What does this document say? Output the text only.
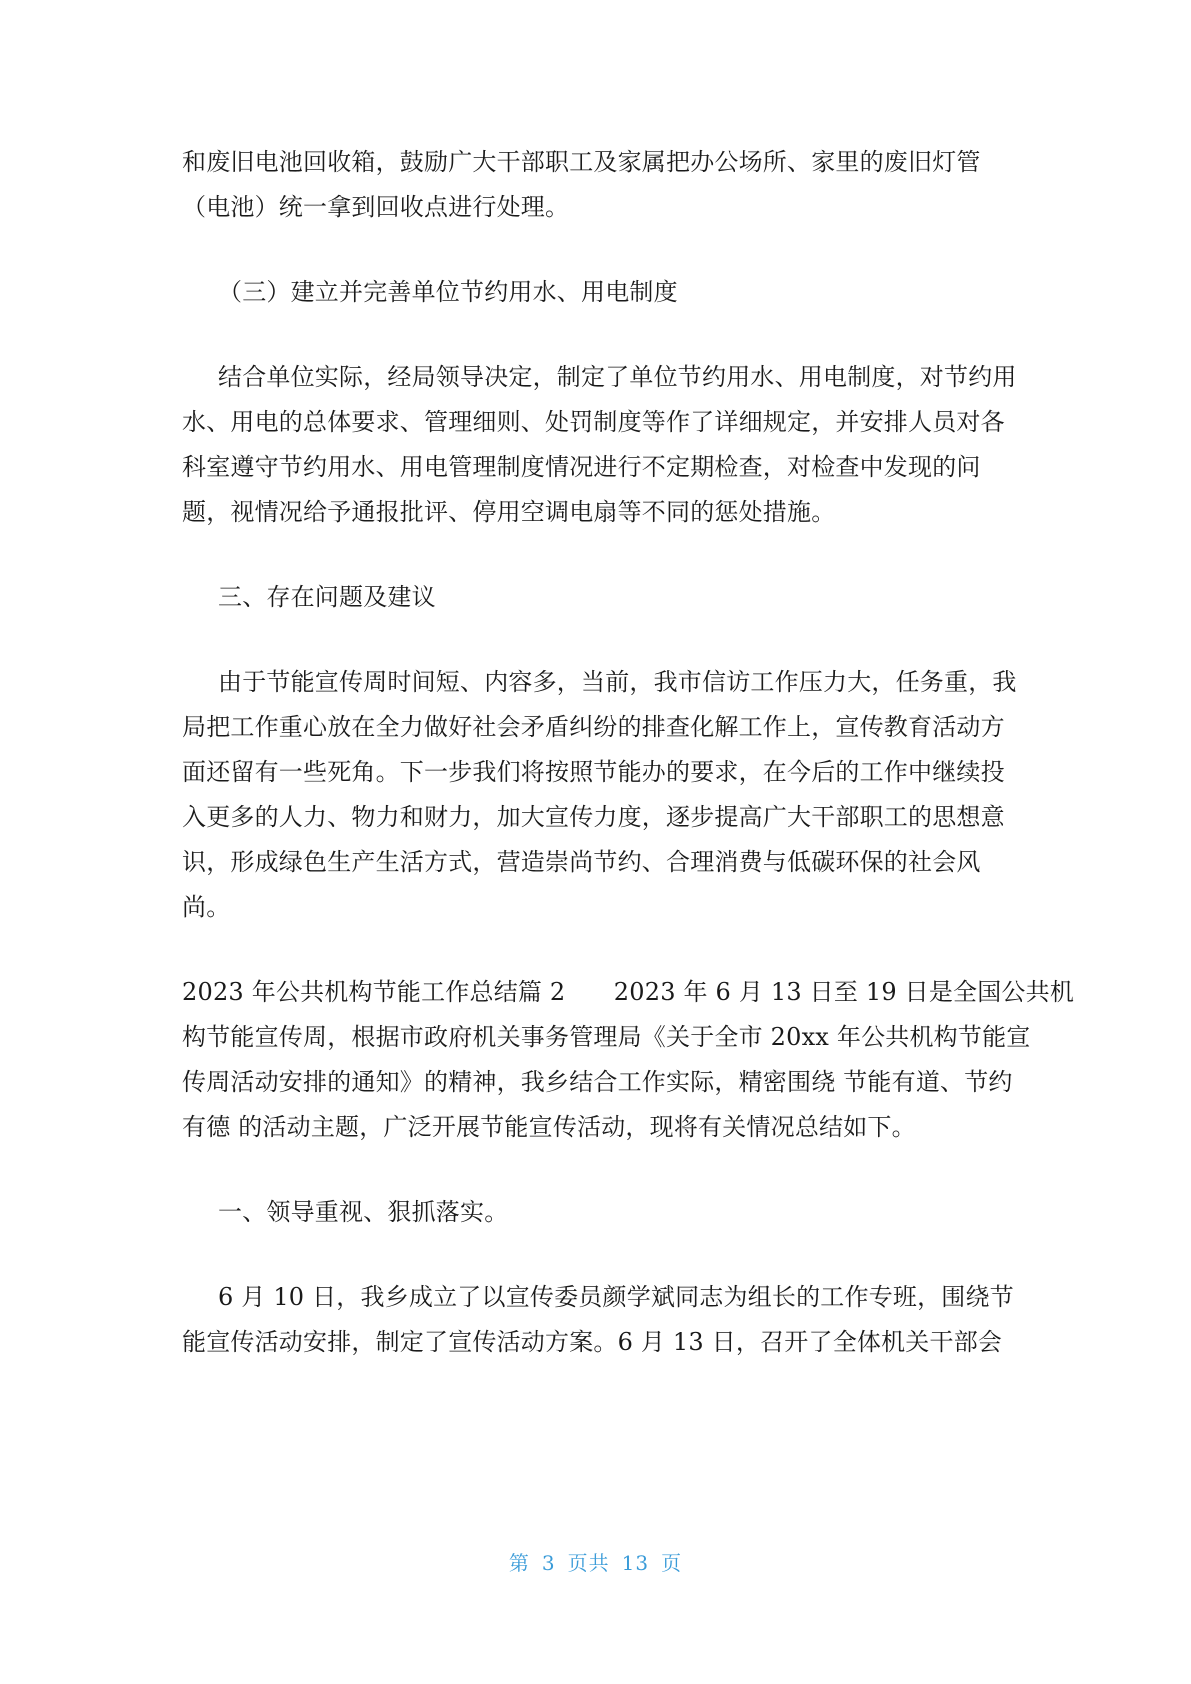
和废旧电池回收箱，鼓励广大干部职工及家属把办公场所、家里的废旧灯管
（电池）统一拿到回收点进行处理。
（三）建立并完善单位节约用水、用电制度
结合单位实际，经局领导决定，制定了单位节约用水、用电制度，对节约用
水、用电的总体要求、管理细则、处罚制度等作了详细规定，并安排人员对各
科室遵守节约用水、用电管理制度情况进行不定期检查，对检查中发现的问
题，视情况给予通报批评、停用空调电扇等不同的惩处措施。
三、存在问题及建议
由于节能宣传周时间短、内容多，当前，我市信访工作压力大，任务重，我
局把工作重心放在全力做好社会矛盾纠纷的排查化解工作上，宣传教育活动方
面还留有一些死角。下一步我们将按照节能办的要求，在今后的工作中继续投
入更多的人力、物力和财力，加大宣传力度，逐步提高广大干部职工的思想意
识，形成绿色生产生活方式，营造崇尚节约、合理消费与低碳环保的社会风
尚。
2023 年公共机构节能工作总结篇 2　　2023 年 6 月 13 日至 19 日是全国公共机
构节能宣传周，根据市政府机关事务管理局《关于全市 20xx 年公共机构节能宣
传周活动安排的通知》的精神，我乡结合工作实际，精密围绕 节能有道、节约
有德 的活动主题，广泛开展节能宣传活动，现将有关情况总结如下。
一、领导重视、狠抓落实。
6 月 10 日，我乡成立了以宣传委员颜学斌同志为组长的工作专班，围绕节
能宣传活动安排，制定了宣传活动方案。6 月 13 日，召开了全体机关干部会
第 3 页共 13 页
